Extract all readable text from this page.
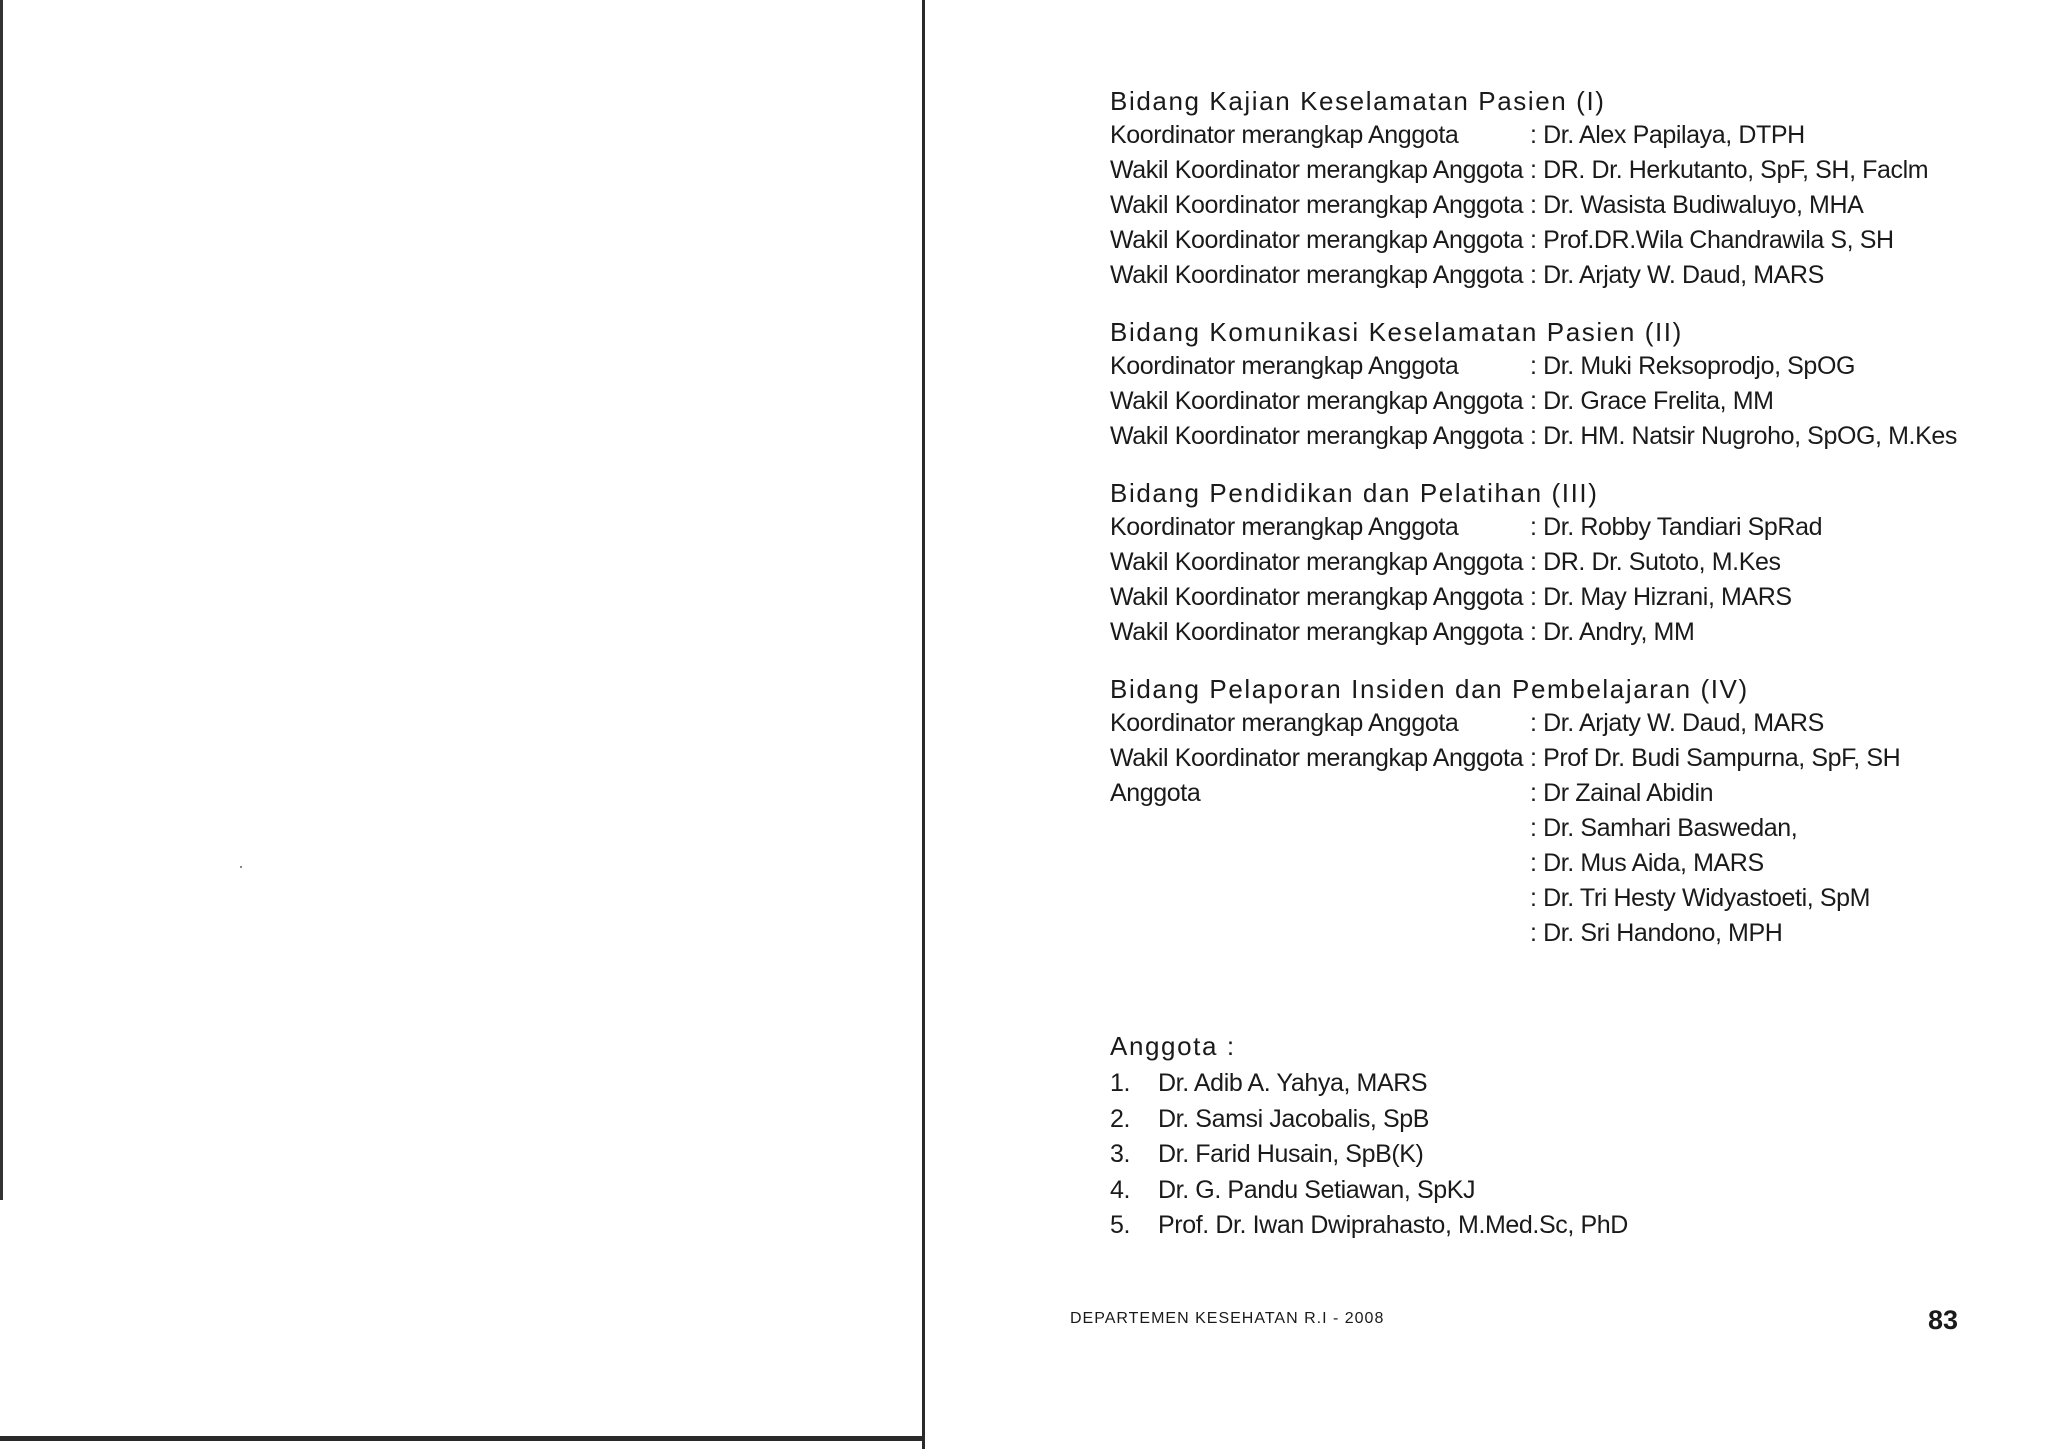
Bidang Kajian Keselamatan Pasien (I)
Koordinator merangkap Anggota	: Dr. Alex Papilaya, DTPH
Wakil Koordinator merangkap Anggota : DR. Dr. Herkutanto, SpF, SH, Faclm
Wakil Koordinator merangkap Anggota : Dr. Wasista Budiwaluyo, MHA
Wakil Koordinator merangkap Anggota : Prof.DR.Wila Chandrawila S, SH
Wakil Koordinator merangkap Anggota : Dr. Arjaty W. Daud, MARS
Bidang Komunikasi Keselamatan Pasien (II)
Koordinator merangkap Anggota	: Dr. Muki Reksoprodjo, SpOG
Wakil Koordinator merangkap Anggota : Dr. Grace Frelita, MM
Wakil Koordinator merangkap Anggota : Dr. HM. Natsir Nugroho, SpOG, M.Kes
Bidang Pendidikan dan Pelatihan (III)
Koordinator merangkap Anggota	: Dr. Robby Tandiari SpRad
Wakil Koordinator merangkap Anggota : DR. Dr. Sutoto, M.Kes
Wakil Koordinator merangkap Anggota : Dr. May Hizrani, MARS
Wakil Koordinator merangkap Anggota : Dr. Andry, MM
Bidang Pelaporan Insiden dan Pembelajaran (IV)
Koordinator merangkap Anggota	: Dr. Arjaty W. Daud, MARS
Wakil Koordinator merangkap Anggota : Prof Dr. Budi Sampurna, SpF, SH
Anggota	: Dr Zainal Abidin
: Dr. Samhari Baswedan,
: Dr. Mus Aida, MARS
: Dr. Tri Hesty Widyastoeti, SpM
: Dr. Sri Handono, MPH
Anggota :
1.	Dr. Adib A. Yahya, MARS
2.	Dr. Samsi Jacobalis, SpB
3.	Dr. Farid Husain, SpB(K)
4.	Dr. G. Pandu Setiawan, SpKJ
5.	Prof. Dr. Iwan Dwiprahasto, M.Med.Sc, PhD
DEPARTEMEN KESEHATAN R.I - 2008	83
